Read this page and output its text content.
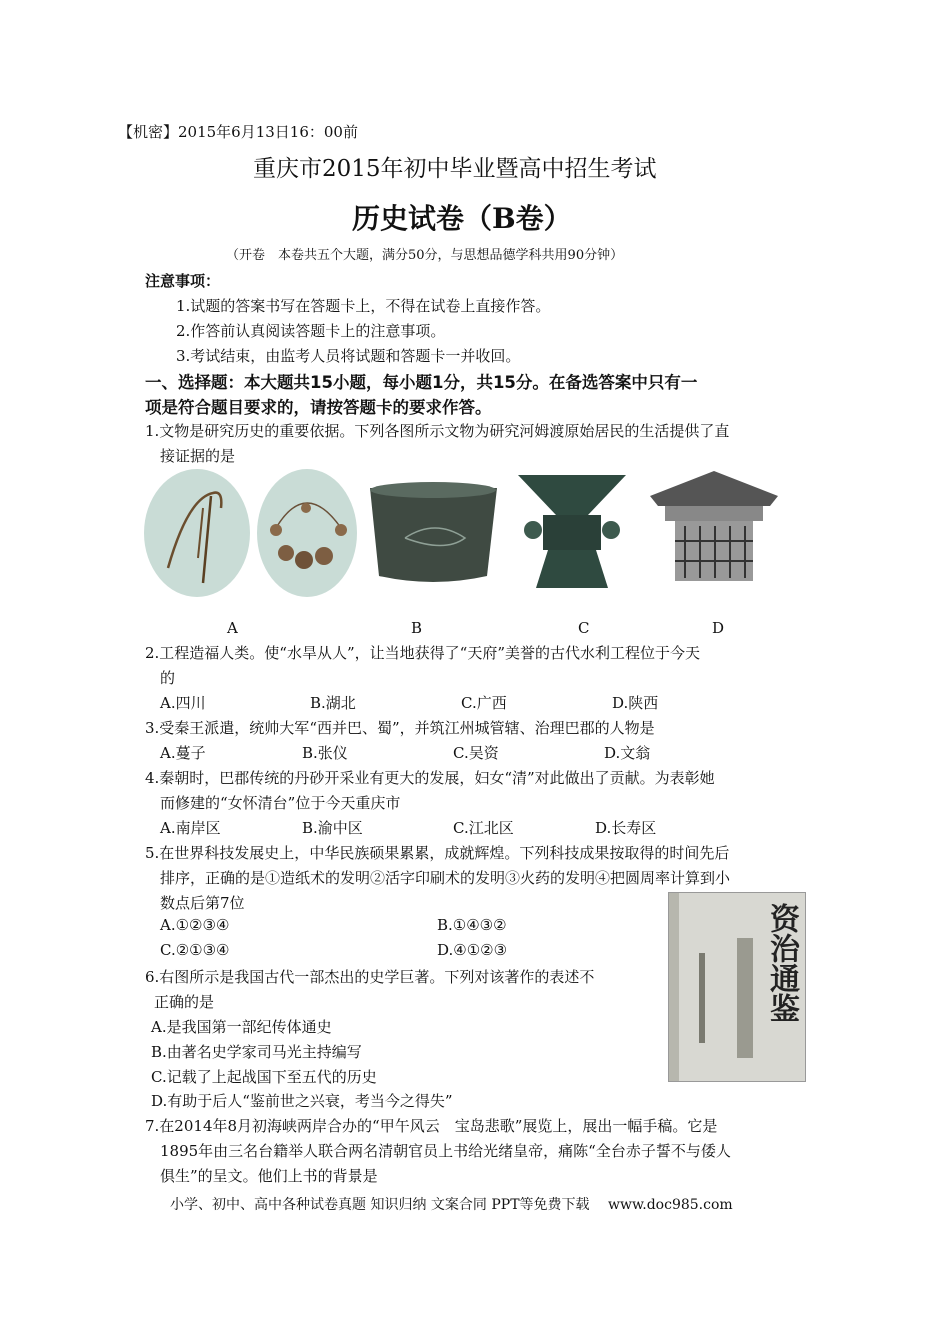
【机密】2015年6月13日16：00前
重庆市2015年初中毕业暨高中招生考试
历史试卷（B卷）
（开卷　本卷共五个大题，满分50分，与思想品德学科共用90分钟）
注意事项：
1.试题的答案书写在答题卡上，不得在试卷上直接作答。
2.作答前认真阅读答题卡上的注意事项。
3.考试结束，由监考人员将试题和答题卡一并收回。
一、选择题：本大题共15小题，每小题1分，共15分。在备选答案中只有一
项是符合题目要求的，请按答题卡的要求作答。
1.文物是研究历史的重要依据。下列各图所示文物为研究河姆渡原始居民的生活提供了直
接证据的是
A	B	C	D
2.工程造福人类。使“水旱从人”，让当地获得了“天府”美誉的古代水利工程位于今天
的
A.四川	B.湖北	C.广西	D.陕西
3.受秦王派遣，统帅大军“西并巴、蜀”，并筑江州城管辖、治理巴郡的人物是
A.蔓子	B.张仪	C.吴资	D.文翁
4.秦朝时，巴郡传统的丹砂开采业有更大的发展，妇女“清”对此做出了贡献。为表彰她
而修建的“女怀清台”位于今天重庆市
A.南岸区	B.渝中区	C.江北区	D.长寿区
5.在世界科技发展史上，中华民族硕果累累，成就辉煌。下列科技成果按取得的时间先后
排序，正确的是①造纸术的发明②活字印刷术的发明③火药的发明④把圆周率计算到小
数点后第7位
A.①②③④	B.①④③②
C.②①③④	D.④①②③	资治通鉴
6.右图所示是我国古代一部杰出的史学巨著。下列对该著作的表述不
正确的是
A.是我国第一部纪传体通史
B.由著名史学家司马光主持编写
C.记载了上起战国下至五代的历史
D.有助于后人“鉴前世之兴衰，考当今之得失”
7.在2014年8月初海峡两岸合办的“甲午风云　宝岛悲歌”展览上，展出一幅手稿。它是
1895年由三名台籍举人联合两名清朝官员上书给光绪皇帝，痛陈“全台赤子誓不与倭人
俱生”的呈文。他们上书的背景是
小学、初中、高中各种试卷真题 知识归纳 文案合同 PPT等免费下载　 www.doc985.com
